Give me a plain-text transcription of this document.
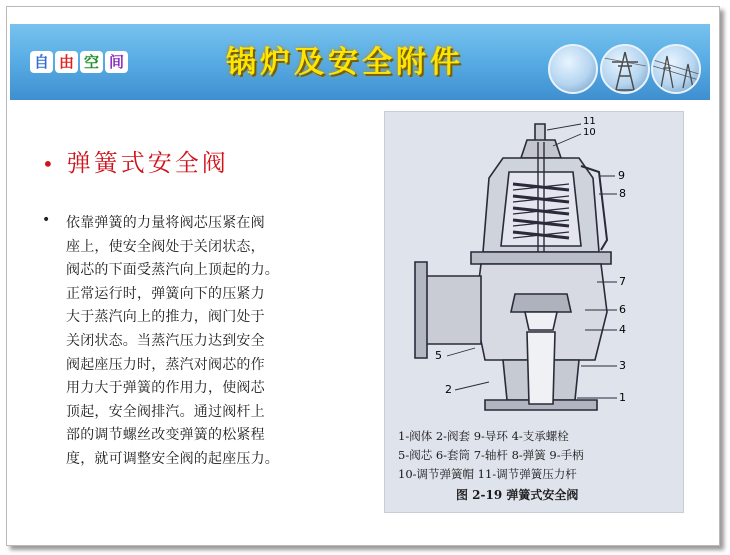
自 由 空 间	锅炉及安全附件
• 弹簧式安全阀
• 依靠弹簧的力量将阀芯压紧在阀
座上，使安全阀处于关闭状态，
阀芯的下面受蒸汽向上顶起的力。
正常运行时，弹簧向下的压紧力
大于蒸汽向上的推力，阀门处于
关闭状态。当蒸汽压力达到安全
阀起座压力时，蒸汽对阀芯的作
用力大于弹簧的作用力，使阀芯
顶起，安全阀排汽。通过阀杆上
部的调节螺丝改变弹簧的松紧程
度，就可调整安全阀的起座压力。
11
10
9
8
7
6
4
3
1
5
2
1-阀体 2-阀套 9-导环 4-支承螺栓
5-阀芯 6-套筒 7-轴杆 8-弹簧 9-手柄
10-调节弹簧帽 11-调节弹簧压力杆
图 2-19 弹簧式安全阀
